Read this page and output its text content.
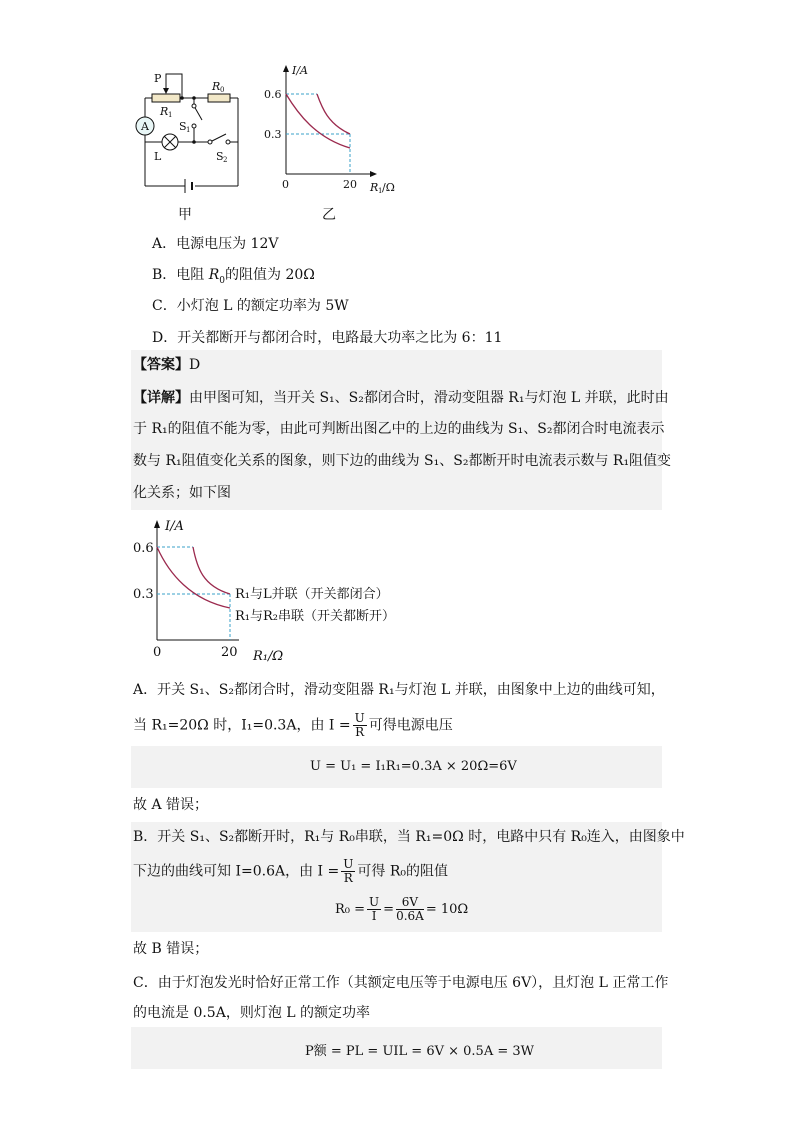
A
P
R 0
R 1
S 1
L	S 2
甲
I/A
0.6
0.3
0	20 R 1 /Ω
乙
A．电源电压为 12V
B．电阻 $R_0$的阻值为 20Ω
C．小灯泡 L 的额定功率为 5W
D．开关都断开与都闭合时，电路最大功率之比为 6：11
【答案】D
【详解】由甲图可知，当开关 S₁、S₂都闭合时，滑动变阻器 R₁与灯泡 L 并联，此时由
于 R₁的阻值不能为零，由此可判断出图乙中的上边的曲线为 S₁、S₂都闭合时电流表示
数与 R₁阻值变化关系的图象，则下边的曲线为 S₁、S₂都断开时电流表示数与 R₁阻值变
化关系；如下图
I/A
0.6
0.3
0	20 R₁/Ω
R₁与L并联（开关都闭合）
R₁与R₂串联（开关都断开）
A．开关 S₁、S₂都闭合时，滑动变阻器 R₁与灯泡 L 并联，由图象中上边的曲线可知，
当 R₁=20Ω 时，I₁=0.3A，由 $I = \frac{U}{R}$ 可得电源电压
U = U₁ = I₁R₁=0.3A × 20Ω=6V
故 A 错误；
B．开关 S₁、S₂都断开时，R₁与 R₀串联，当 R₁=0Ω 时，电路中只有 R₀连入，由图象中
下边的曲线可知 I=0.6A，由 $I = \frac{U}{R}$ 可得 R₀的阻值
$R_0 = \frac{U}{I} = \frac{6V}{0.6A} = 10\Omega$
故 B 错误；
C．由于灯泡发光时恰好正常工作（其额定电压等于电源电压 6V），且灯泡 L 正常工作
的电流是 0.5A，则灯泡 L 的额定功率
P额 = PL = UIL = 6V × 0.5A = 3W
